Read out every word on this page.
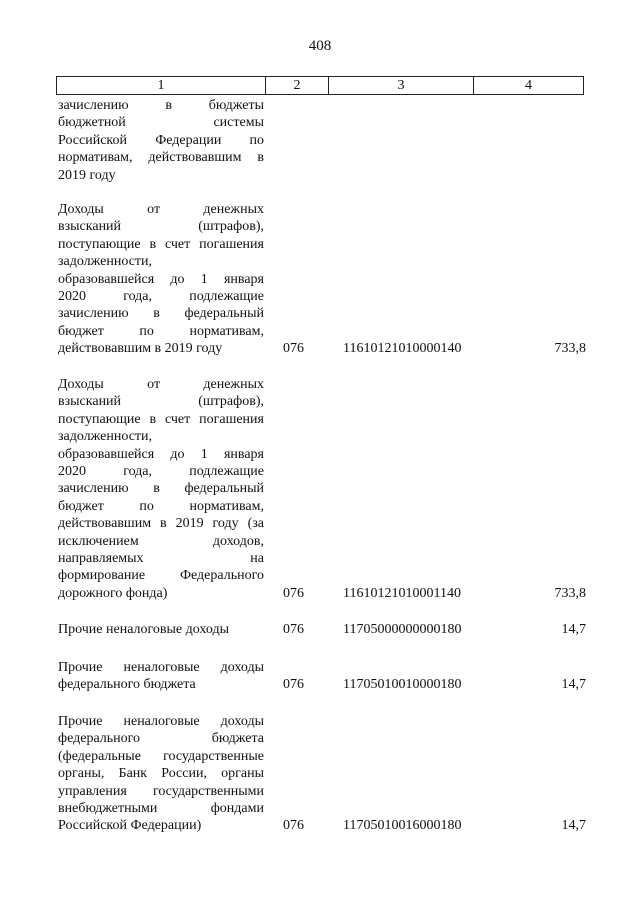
408
1	2	3	4
зачислению в бюджеты
бюджетной системы
Российской Федерации по
нормативам, действовавшим в
2019 году
Доходы от денежных
взысканий (штрафов),
поступающие в счет погашения
задолженности,
образовавшейся до 1 января
2020 года, подлежащие
зачислению в федеральный
бюджет по нормативам,
действовавшим в 2019 году	076	11610121010000140	733,8
Доходы от денежных
взысканий (штрафов),
поступающие в счет погашения
задолженности,
образовавшейся до 1 января
2020 года, подлежащие
зачислению в федеральный
бюджет по нормативам,
действовавшим в 2019 году (за
исключением доходов,
направляемых на
формирование Федерального
дорожного фонда)	076	11610121010001140	733,8
Прочие неналоговые доходы	076	11705000000000180	14,7
Прочие неналоговые доходы
федерального бюджета	076	11705010010000180	14,7
Прочие неналоговые доходы
федерального бюджета
(федеральные государственные
органы, Банк России, органы
управления государственными
внебюджетными фондами
Российской Федерации)	076	11705010016000180	14,7
